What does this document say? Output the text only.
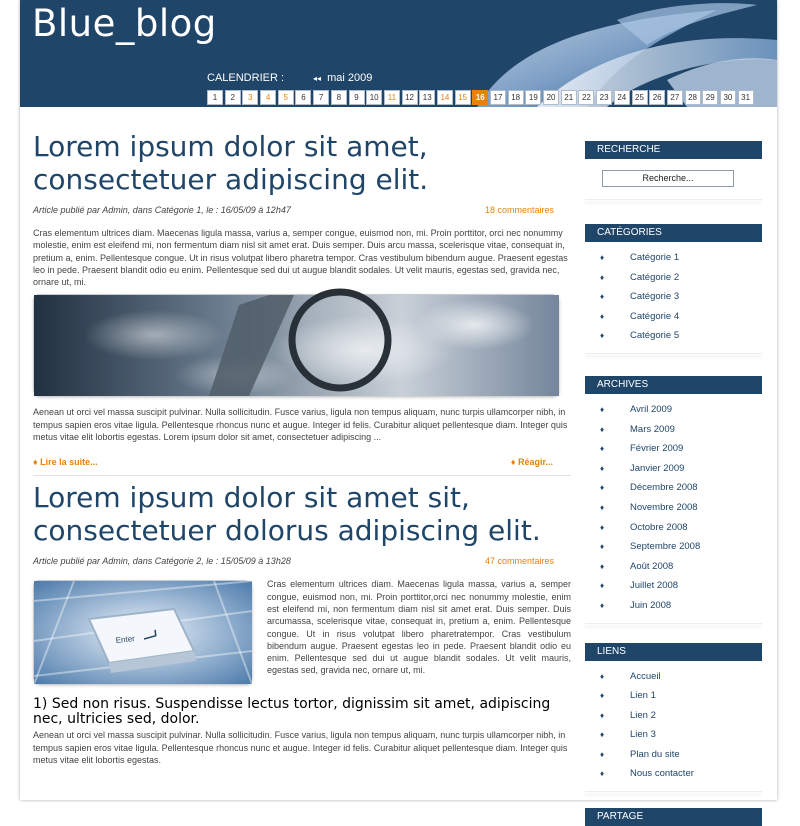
Blue_blog
CALENDRIER :	◂◂ mai 2009
1	2	3	4	5	6	7	8	9	10	11	12	13	14	15	16	17	18	19	20	21	22	23	24	25	26	27	28	29	30	31
Lorem ipsum dolor sit amet, consectetuer adipiscing elit.
Article publié par Admin, dans Catégorie 1, le : 16/05/09 à 12h47	18 commentaires

Cras elementum ultrices diam. Maecenas ligula massa, varius a, semper congue, euismod non, mi. Proin porttitor, orci nec nonummy molestie, enim est eleifend mi, non fermentum diam nisl sit amet erat. Duis semper. Duis arcu massa, scelerisque vitae, consequat in, pretium a, enim. Pellentesque congue. Ut in risus volutpat libero pharetra tempor. Cras vestibulum bibendum augue. Praesent egestas leo in pede. Praesent blandit odio eu enim. Pellentesque sed dui ut augue blandit sodales. Ut velit mauris, egestas sed, gravida nec, ornare ut, mi.

Aenean ut orci vel massa suscipit pulvinar. Nulla sollicitudin. Fusce varius, ligula non tempus aliquam, nunc turpis ullamcorper nibh, in tempus sapien eros vitae ligula. Pellentesque rhoncus nunc et augue. Integer id felis. Curabitur aliquet pellentesque diam. Integer quis metus vitae elit lobortis egestas. Lorem ipsum dolor sit amet, consectetuer adipiscing ...

♦ Lire la suite...	♦ Réagir...
Lorem ipsum dolor sit amet sit, consectetuer dolorus adipiscing elit.
Article publié par Admin, dans Catégorie 2, le : 15/05/09 à 13h28	47 commentaires
Enter

Cras elementum ultrices diam. Maecenas ligula massa, varius a, semper congue, euismod non, mi. Proin porttitor,orci nec nonummy molestie, enim est eleifend mi, non fermentum diam nisl sit amet erat. Duis semper. Duis arcumassa, scelerisque vitae, consequat in, pretium a, enim. Pellentesque congue. Ut in risus volutpat libero pharetratempor. Cras vestibulum bibendum augue. Praesent egestas leo in pede. Praesent blandit odio eu enim. Pellentesque sed dui ut augue blandit sodales. Ut velit mauris, egestas sed, gravida nec, ornare ut, mi.

1) Sed non risus. Suspendisse lectus tortor, dignissim sit amet, adipiscing nec, ultricies sed, dolor.

Aenean ut orci vel massa suscipit pulvinar. Nulla sollicitudin. Fusce varius, ligula non tempus aliquam, nunc turpis ullamcorper nibh, in tempus sapien eros vitae ligula. Pellentesque rhoncus nunc et augue. Integer id felis. Curabitur aliquet pellentesque diam. Integer quis metus vitae elit lobortis egestas.

RECHERCHE
Recherche...
CATÉGORIES
♦	Catégorie 1
♦	Catégorie 2
♦	Catégorie 3
♦	Catégorie 4
♦	Catégorie 5
ARCHIVES
♦	Avril 2009
♦	Mars 2009
♦	Février 2009
♦	Janvier 2009
♦	Décembre 2008
♦	Novembre 2008
♦	Octobre 2008
♦	Septembre 2008
♦	Août 2008
♦	Juillet 2008
♦	Juin 2008
LIENS
♦	Accueil
♦	Lien 1
♦	Lien 2
♦	Lien 3
♦	Plan du site
♦	Nous contacter
PARTAGE
